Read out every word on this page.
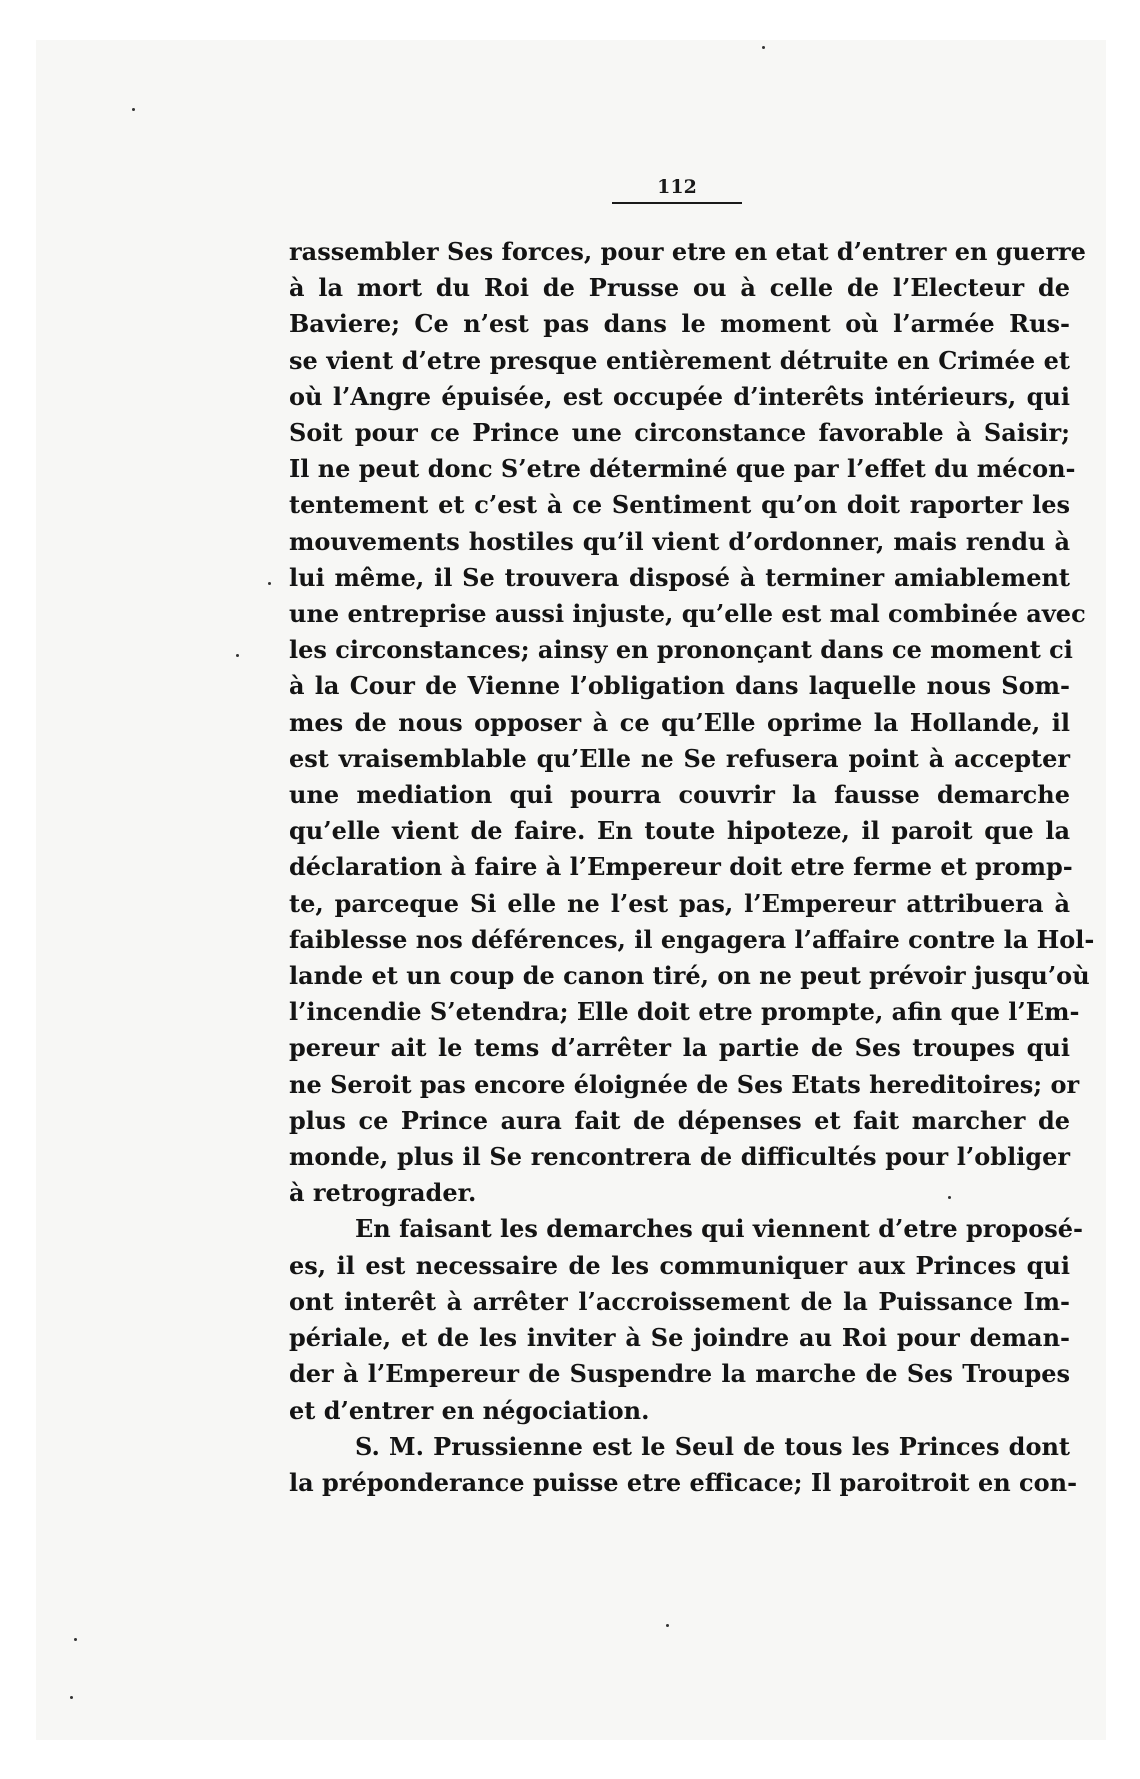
112
rassembler Ses forces, pour etre en etat d’entrer en guerre
à la mort du Roi de Prusse ou à celle de l’Electeur de
Baviere; Ce n’est pas dans le moment où l’armée Rus-
se vient d’etre presque entièrement détruite en Crimée et
où l’Angre épuisée, est occupée d’interêts intérieurs, qui
Soit pour ce Prince une circonstance favorable à Saisir;
Il ne peut donc S’etre déterminé que par l’effet du mécon-
tentement et c’est à ce Sentiment qu’on doit raporter les
mouvements hostiles qu’il vient d’ordonner, mais rendu à
lui même, il Se trouvera disposé à terminer amiablement
une entreprise aussi injuste, qu’elle est mal combinée avec
les circonstances; ainsy en prononçant dans ce moment ci
à la Cour de Vienne l’obligation dans laquelle nous Som-
mes de nous opposer à ce qu’Elle oprime la Hollande, il
est vraisemblable qu’Elle ne Se refusera point à accepter
une mediation qui pourra couvrir la fausse demarche
qu’elle vient de faire. En toute hipoteze, il paroit que la
déclaration à faire à l’Empereur doit etre ferme et promp-
te, parceque Si elle ne l’est pas, l’Empereur attribuera à
faiblesse nos déférences, il engagera l’affaire contre la Hol-
lande et un coup de canon tiré, on ne peut prévoir jusqu’où
l’incendie S’etendra; Elle doit etre prompte, afin que l’Em-
pereur ait le tems d’arrêter la partie de Ses troupes qui
ne Seroit pas encore éloignée de Ses Etats hereditoires; or
plus ce Prince aura fait de dépenses et fait marcher de
monde, plus il Se rencontrera de difficultés pour l’obliger
à retrograder.
En faisant les demarches qui viennent d’etre proposé-
es, il est necessaire de les communiquer aux Princes qui
ont interêt à arrêter l’accroissement de la Puissance Im-
périale, et de les inviter à Se joindre au Roi pour deman-
der à l’Empereur de Suspendre la marche de Ses Troupes
et d’entrer en négociation.
S. M. Prussienne est le Seul de tous les Princes dont
la préponderance puisse etre efficace; Il paroitroit en con-
